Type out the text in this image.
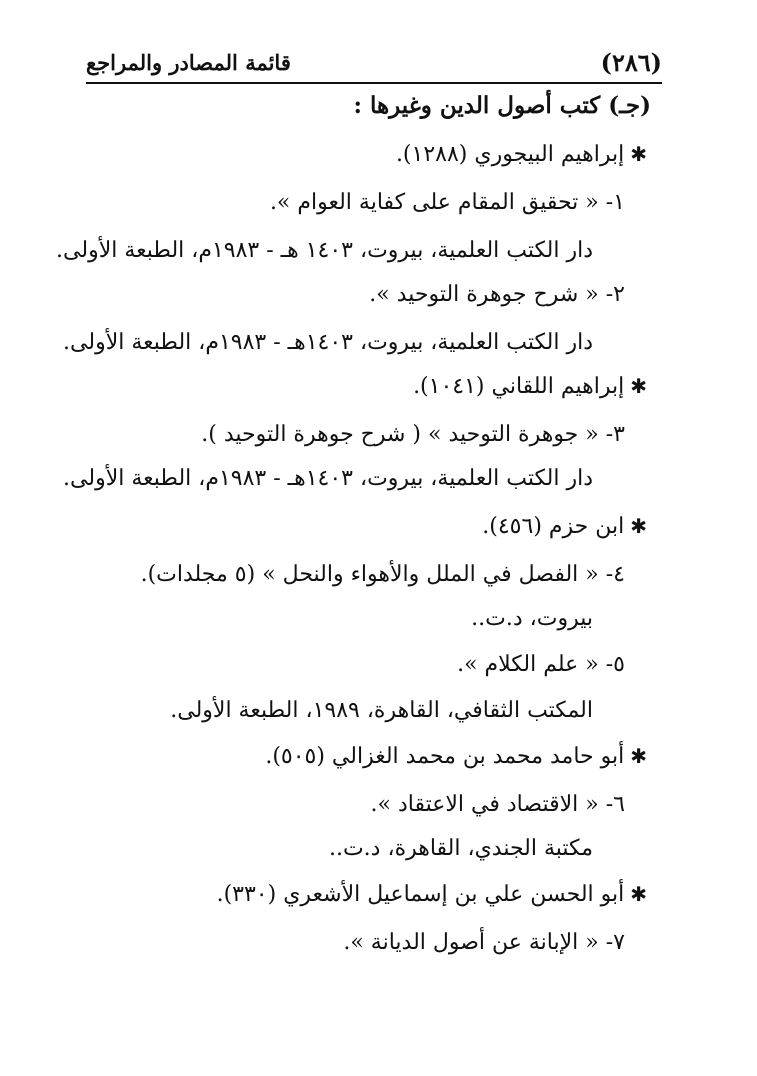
(٢٨٦)
قائمة المصادر والمراجع
(جـ) كتب أصول الدين وغيرها :
✱إبراهيم البيجوري (١٢٨٨).
١- « تحقيق المقام على كفاية العوام ».
دار الكتب العلمية، بيروت، ١٤٠٣ هـ - ١٩٨٣م، الطبعة الأولى.
٢- « شرح جوهرة التوحيد ».
دار الكتب العلمية، بيروت، ١٤٠٣هـ - ١٩٨٣م، الطبعة الأولى.
✱إبراهيم اللقاني (١٠٤١).
٣- « جوهرة التوحيد » ( شرح جوهرة التوحيد ).
دار الكتب العلمية، بيروت، ١٤٠٣هـ - ١٩٨٣م، الطبعة الأولى.
✱ابن حزم (٤٥٦).
٤- « الفصل في الملل والأهواء والنحل » (٥ مجلدات).
بيروت، د.ت..
٥- « علم الكلام ».
المكتب الثقافي، القاهرة، ١٩٨٩، الطبعة الأولى.
✱أبو حامد محمد بن محمد الغزالي (٥٠٥).
٦- « الاقتصاد في الاعتقاد ».
مكتبة الجندي، القاهرة، د.ت..
✱أبو الحسن علي بن إسماعيل الأشعري (٣٣٠).
٧- « الإبانة عن أصول الديانة ».
